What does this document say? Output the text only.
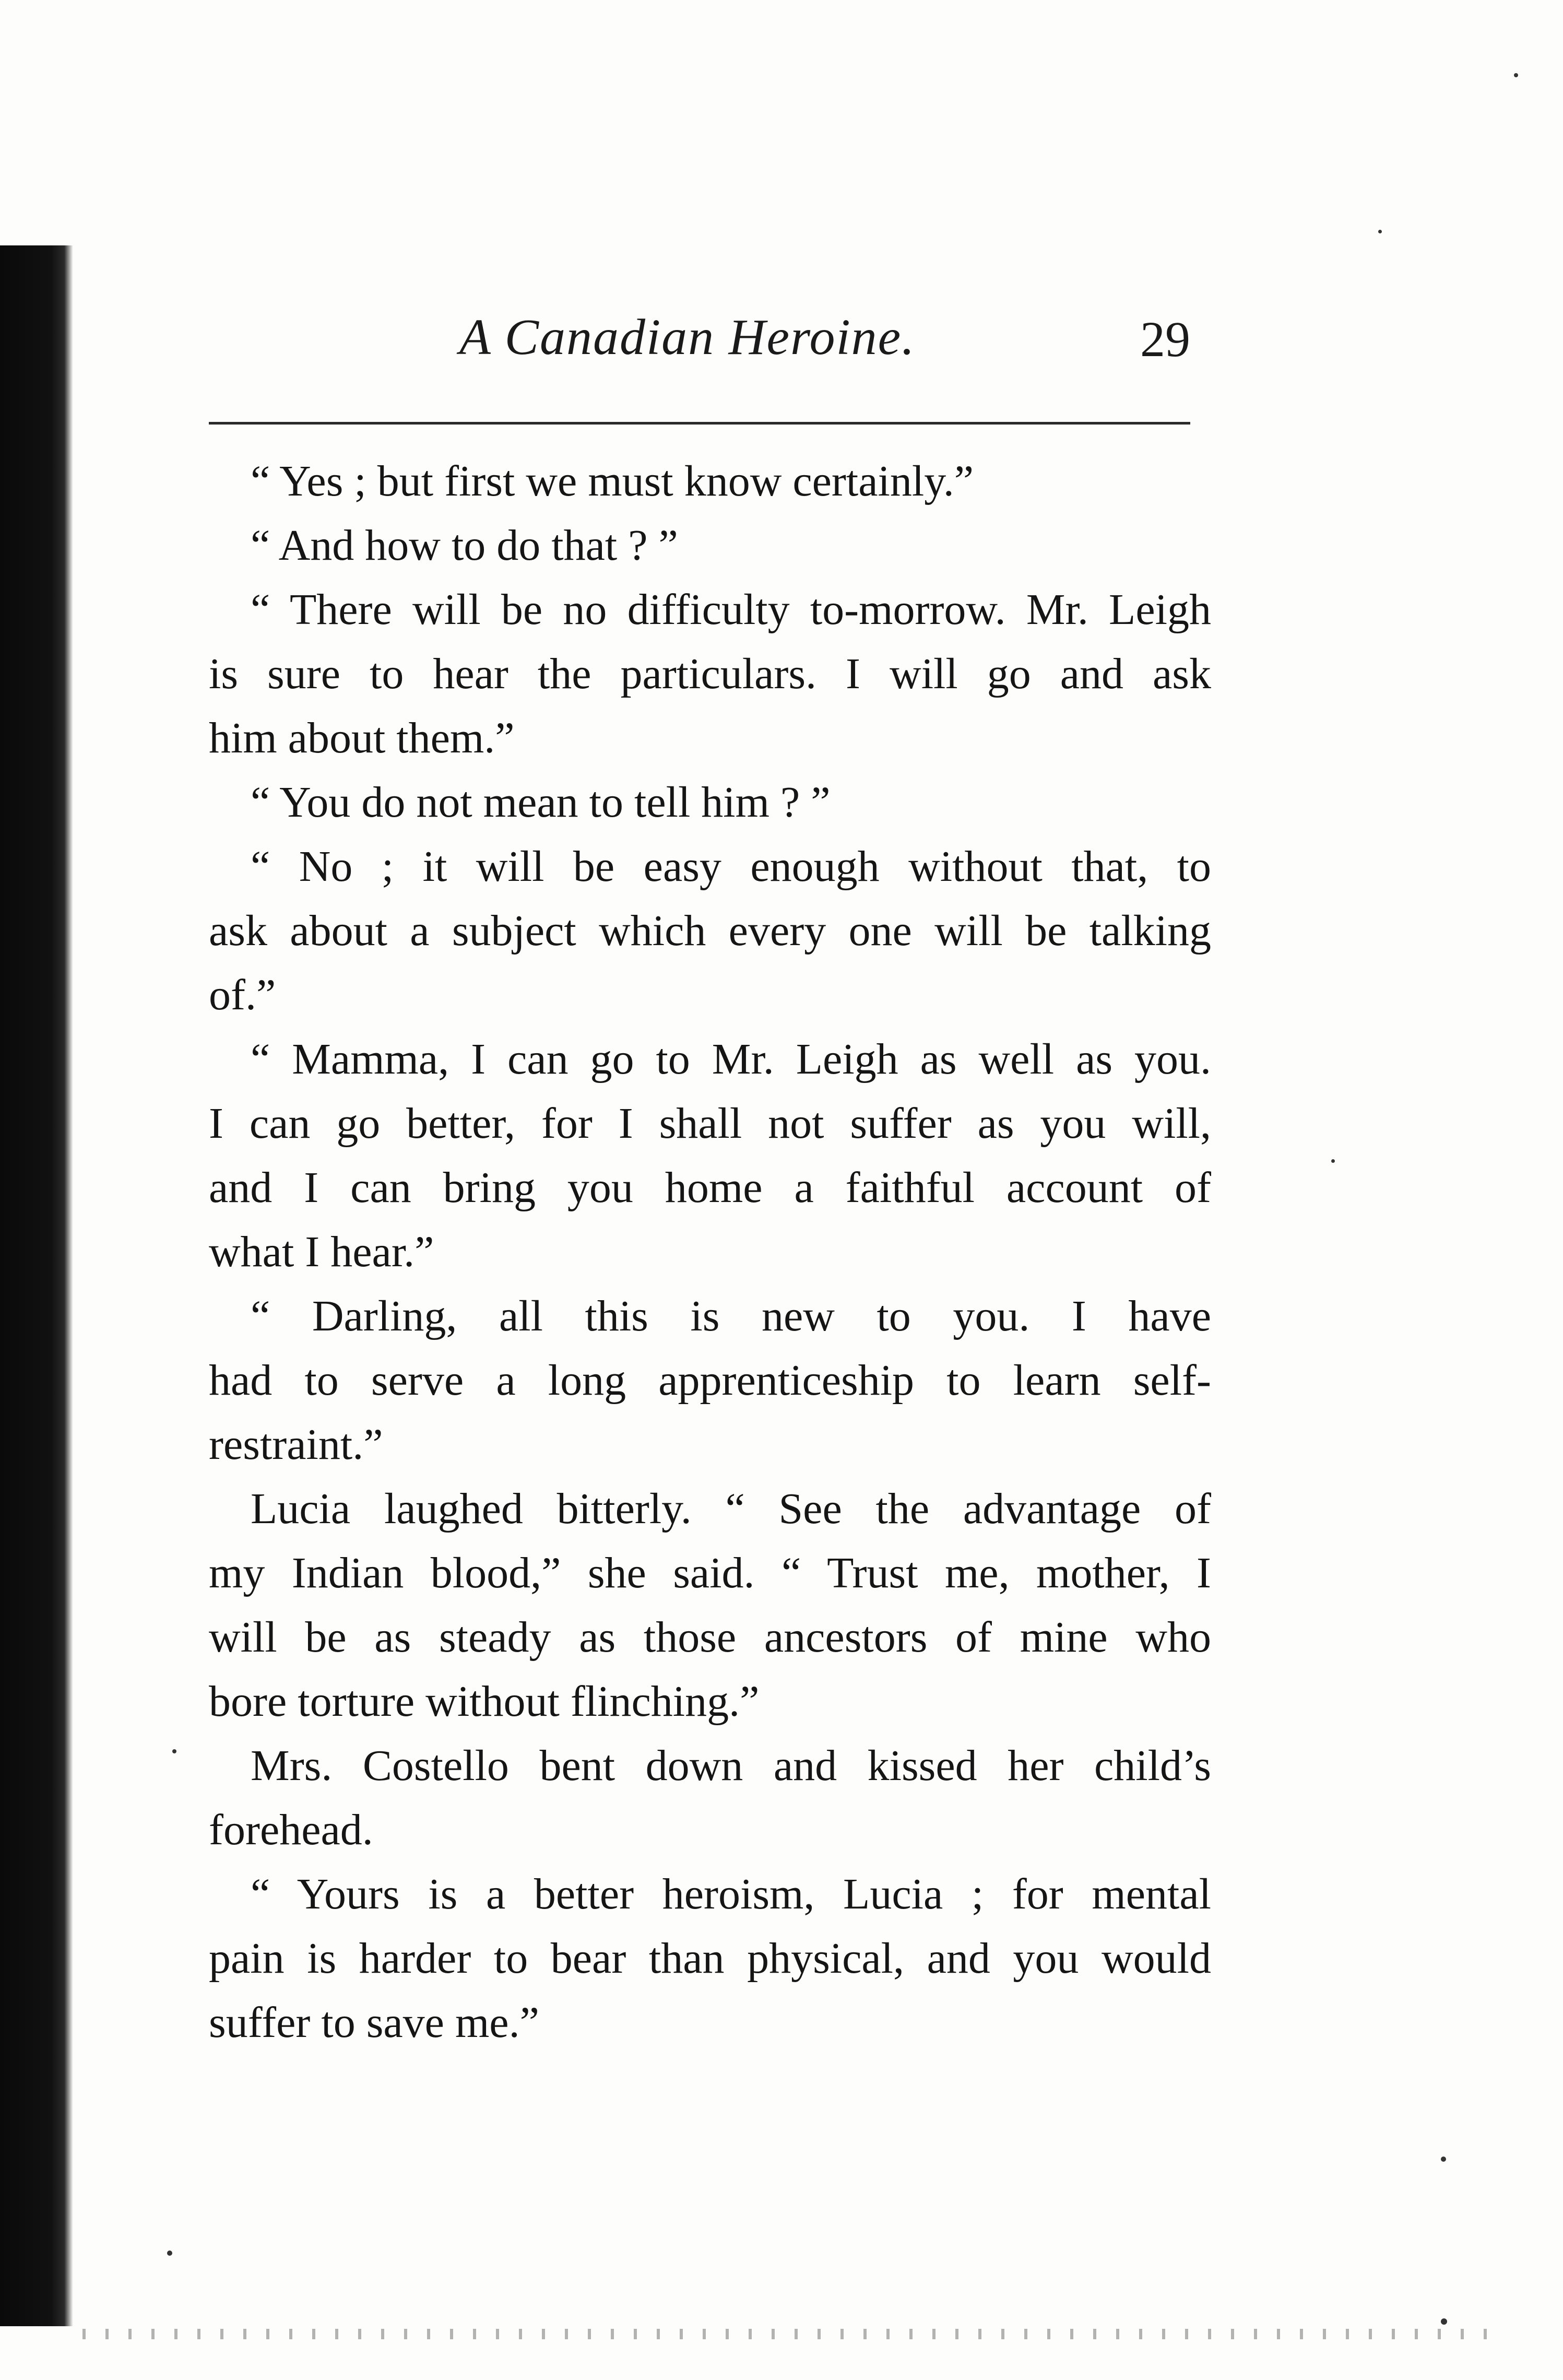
A Canadian Heroine.	29
“ Yes ; but first we must know certainly.”
“ And how to do that ? ”
“ There will be no difficulty to-morrow. Mr. Leigh
is sure to hear the particulars. I will go and ask
him about them.”
“ You do not mean to tell him ? ”
“ No ; it will be easy enough without that, to
ask about a subject which every one will be talking
of.”
“ Mamma, I can go to Mr. Leigh as well as you.
I can go better, for I shall not suffer as you will,
and I can bring you home a faithful account of
what I hear.”
“ Darling, all this is new to you. I have
had to serve a long apprenticeship to learn self-
restraint.”
Lucia laughed bitterly. “ See the advantage of
my Indian blood,” she said. “ Trust me, mother, I
will be as steady as those ancestors of mine who
bore torture without flinching.”
Mrs. Costello bent down and kissed her child’s
forehead.
“ Yours is a better heroism, Lucia ; for mental
pain is harder to bear than physical, and you would
suffer to save me.”
